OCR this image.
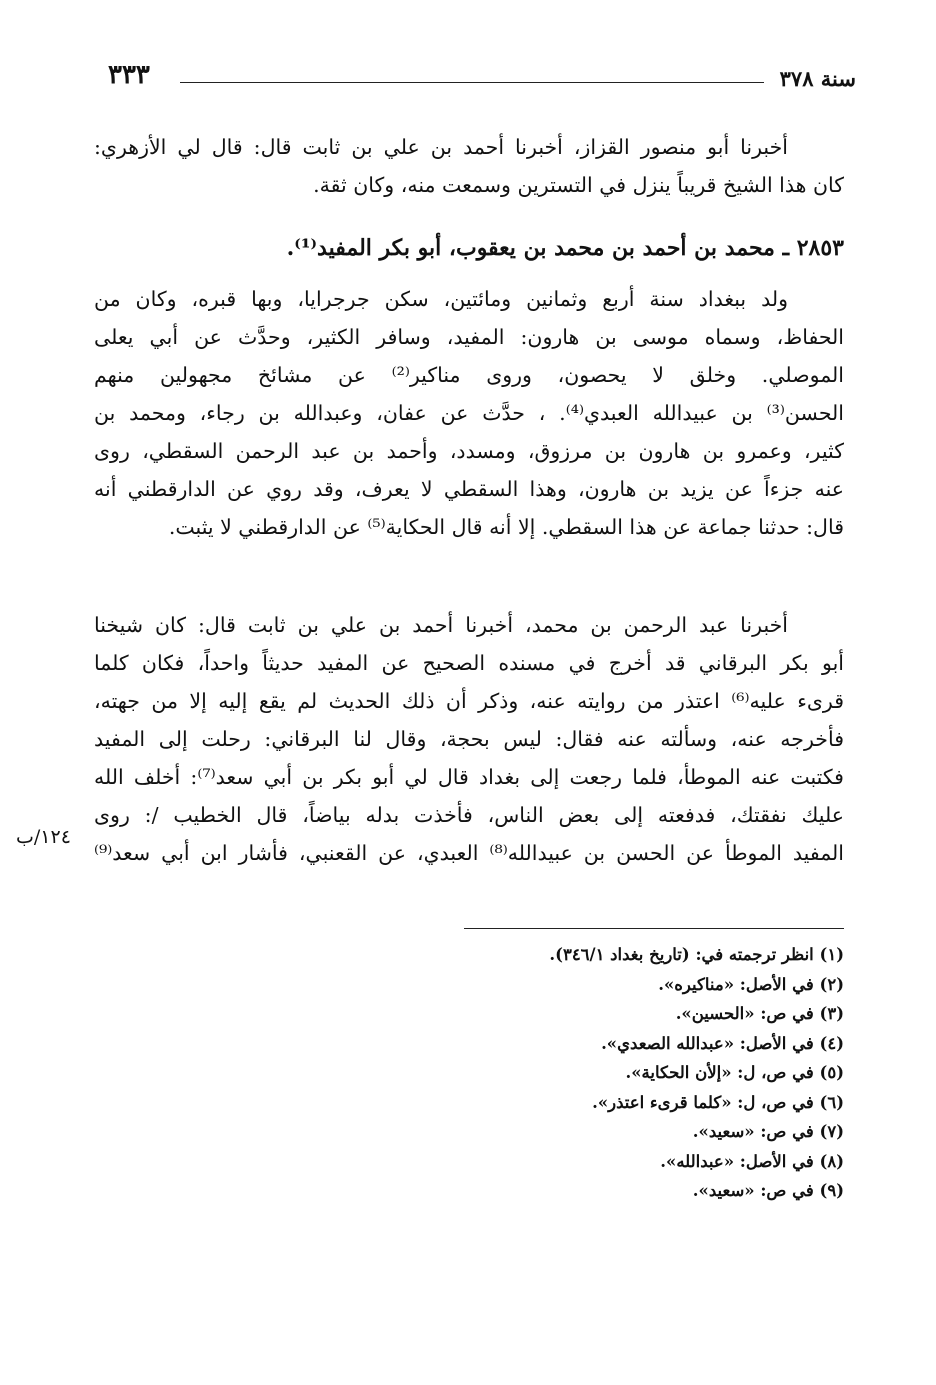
سنة ٣٧٨
٣٣٣
أخبرنا أبو منصور القزاز، أخبرنا أحمد بن علي بن ثابت قال: قال لي الأزهري:
كان هذا الشيخ قريباً ينزل في التسترين وسمعت منه، وكان ثقة.
٢٨٥٣ ـ محمد بن أحمد بن محمد بن يعقوب، أبو بكر المفيد⁽¹⁾.
ولد ببغداد سنة أربع وثمانين ومائتين، سكن جرجرايا، وبها قبره، وكان من
الحفاظ، وسماه موسى بن هارون: المفيد، وسافر الكثير، وحدَّث عن أبي يعلى
الموصلي. وخلق لا يحصون، وروى مناكير⁽²⁾ عن مشائخ مجهولين منهم
الحسن⁽³⁾ بن عبيدالله العبدي⁽⁴⁾. ، حدَّث عن عفان، وعبدالله بن رجاء، ومحمد بن
كثير، وعمرو بن هارون بن مرزوق، ومسدد، وأحمد بن عبد الرحمن السقطي، روى
عنه جزءاً عن يزيد بن هارون، وهذا السقطي لا يعرف، وقد روي عن الدارقطني أنه
قال: حدثنا جماعة عن هذا السقطي. إلا أنه قال الحكاية⁽⁵⁾ عن الدارقطني لا يثبت.
أخبرنا عبد الرحمن بن محمد، أخبرنا أحمد بن علي بن ثابت قال: كان شيخنا
أبو بكر البرقاني قد أخرج في مسنده الصحيح عن المفيد حديثاً واحداً، فكان كلما
قرىء عليه⁽⁶⁾ اعتذر من روايته عنه، وذكر أن ذلك الحديث لم يقع إليه إلا من جهته،
فأخرجه عنه، وسألته عنه فقال: ليس بحجة، وقال لنا البرقاني: رحلت إلى المفيد
فكتبت عنه الموطأ، فلما رجعت إلى بغداد قال لي أبو بكر بن أبي سعد⁽⁷⁾: أخلف الله
عليك نفقتك، فدفعته إلى بعض الناس، فأخذت بدله بياضاً، قال الخطيب /: روى
المفيد الموطأ عن الحسن بن عبيدالله⁽⁸⁾ العبدي، عن القعنبي، فأشار ابن أبي سعد⁽⁹⁾
١٢٤/ب
(١) انظر ترجمته في: (تاريخ بغداد ٣٤٦/١).
(٢) في الأصل: «مناكيره».
(٣) في ص: «الحسين».
(٤) في الأصل: «عبدالله الصعدي».
(٥) في ص، ل: «إلأن الحكاية».
(٦) في ص، ل: «كلما قرىء اعتذر».
(٧) في ص: «سعيد».
(٨) في الأصل: «عبدالله».
(٩) في ص: «سعيد».
